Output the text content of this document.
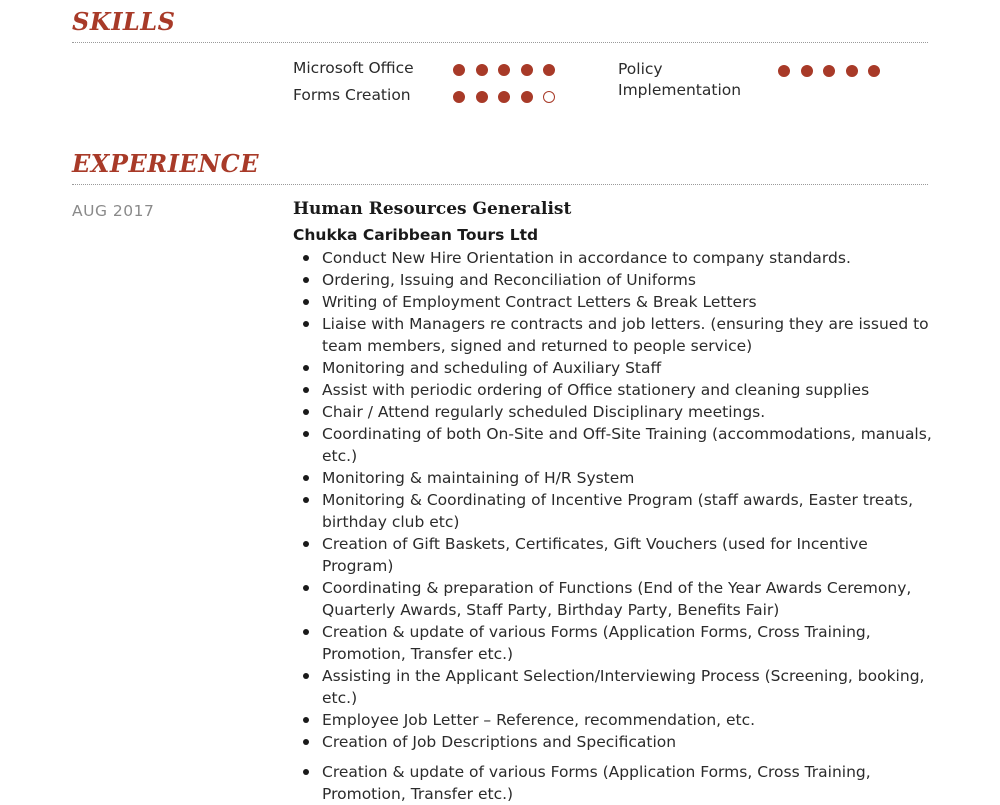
SKILLS
Microsoft Office
Forms Creation
Policy
Implementation
EXPERIENCE
AUG 2017	Human Resources Generalist
Chukka Caribbean Tours Ltd
Conduct New Hire Orientation in accordance to company standards.
Ordering, Issuing and Reconciliation of Uniforms
Writing of Employment Contract Letters & Break Letters
Liaise with Managers re contracts and job letters. (ensuring they are issued to team members, signed and returned to people service)
Monitoring and scheduling of Auxiliary Staff
Assist with periodic ordering of Office stationery and cleaning supplies
Chair / Attend regularly scheduled Disciplinary meetings.
Coordinating of both On-Site and Off-Site Training (accommodations, manuals, etc.)
Monitoring & maintaining of H/R System
Monitoring & Coordinating of Incentive Program (staff awards, Easter treats, birthday club etc)
Creation of Gift Baskets, Certificates, Gift Vouchers (used for Incentive Program)
Coordinating & preparation of Functions (End of the Year Awards Ceremony, Quarterly Awards, Staff Party, Birthday Party, Benefits Fair)
Creation & update of various Forms (Application Forms, Cross Training, Promotion, Transfer etc.)
Assisting in the Applicant Selection/Interviewing Process (Screening, booking, etc.)
Employee Job Letter – Reference, recommendation, etc.
Creation of Job Descriptions and Specification
Creation & update of various Forms (Application Forms, Cross Training, Promotion, Transfer etc.)
